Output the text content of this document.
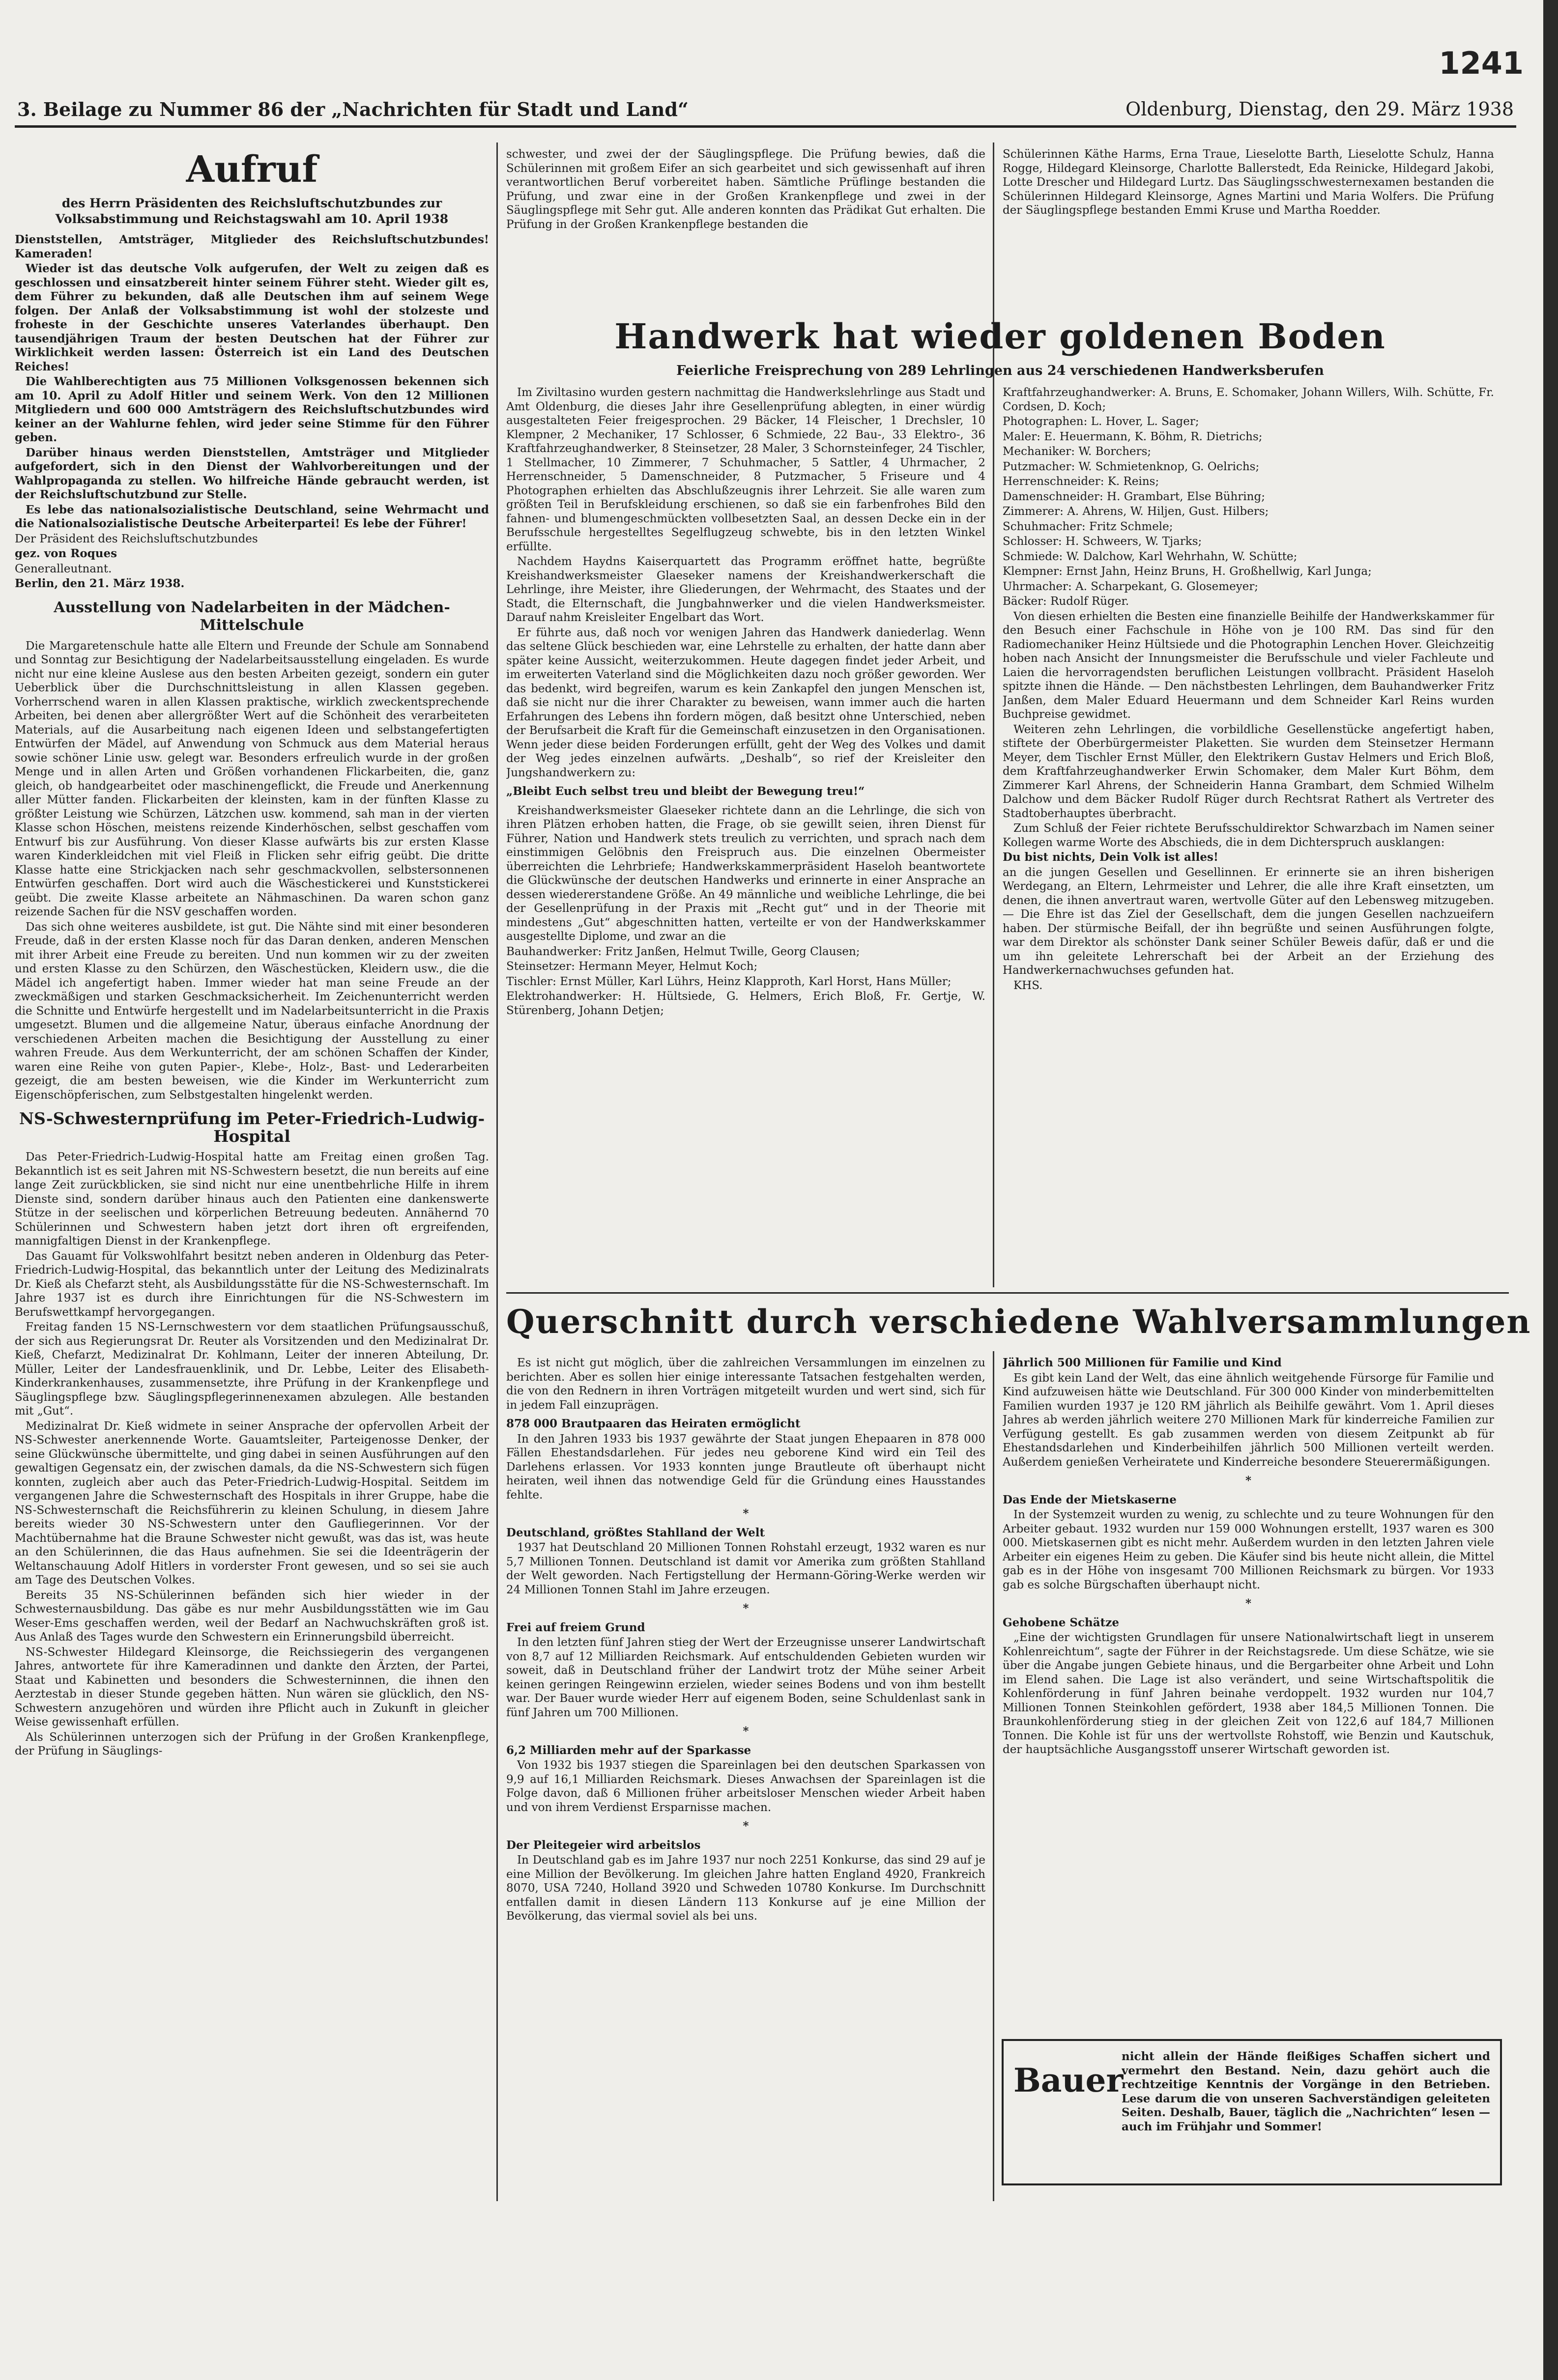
1241
3. Beilage zu Nummer 86 der „Nachrichten für Stadt und Land“	Oldenburg, Dienstag, den 29. März 1938
Aufruf
des Herrn Präsidenten des Reichsluftschutzbundes zur Volksabstimmung und Reichstagswahl am 10. April 1938

Dienststellen, Amtsträger, Mitglieder des Reichsluftschutzbundes! Kameraden!

Wieder ist das deutsche Volk aufgerufen, der Welt zu zeigen daß es geschlossen und einsatzbereit hinter seinem Führer steht. Wieder gilt es, dem Führer zu bekunden, daß alle Deutschen ihm auf seinem Wege folgen. Der Anlaß der Volksabstimmung ist wohl der stolzeste und froheste in der Geschichte unseres Vaterlandes überhaupt. Den tausendjährigen Traum der besten Deutschen hat der Führer zur Wirklichkeit werden lassen: Österreich ist ein Land des Deutschen Reiches!

Die Wahlberechtigten aus 75 Millionen Volksgenossen bekennen sich am 10. April zu Adolf Hitler und seinem Werk. Von den 12 Millionen Mitgliedern und 600 000 Amtsträgern des Reichsluftschutzbundes wird keiner an der Wahlurne fehlen, wird jeder seine Stimme für den Führer geben.

Darüber hinaus werden Dienststellen, Amtsträger und Mitglieder aufgefordert, sich in den Dienst der Wahlvorbereitungen und der Wahlpropaganda zu stellen. Wo hilfreiche Hände gebraucht werden, ist der Reichsluftschutzbund zur Stelle.

Es lebe das nationalsozialistische Deutschland, seine Wehrmacht und die Nationalsozialistische Deutsche Arbeiterpartei! Es lebe der Führer!

Der Präsident des Reichsluftschutzbundes

gez. von Roques

Generalleutnant.

Berlin, den 21. März 1938.

Ausstellung von Nadelarbeiten in der Mädchen-Mittelschule

Die Margaretenschule hatte alle Eltern und Freunde der Schule am Sonnabend und Sonntag zur Besichtigung der Nadelarbeitsausstellung eingeladen. Es wurde nicht nur eine kleine Auslese aus den besten Arbeiten gezeigt, sondern ein guter Ueberblick über die Durchschnittsleistung in allen Klassen gegeben. Vorherrschend waren in allen Klassen praktische, wirklich zweckentsprechende Arbeiten, bei denen aber allergrößter Wert auf die Schönheit des verarbeiteten Materials, auf die Ausarbeitung nach eigenen Ideen und selbstangefertigten Entwürfen der Mädel, auf Anwendung von Schmuck aus dem Material heraus sowie schöner Linie usw. gelegt war. Besonders erfreulich wurde in der großen Menge und in allen Arten und Größen vorhandenen Flickarbeiten, die, ganz gleich, ob handgearbeitet oder maschinengeflickt, die Freude und Anerkennung aller Mütter fanden. Flickarbeiten der kleinsten, kam in der fünften Klasse zu größter Leistung wie Schürzen, Lätzchen usw. kommend, sah man in der vierten Klasse schon Höschen, meistens reizende Kinderhöschen, selbst geschaffen vom Entwurf bis zur Ausführung. Von dieser Klasse aufwärts bis zur ersten Klasse waren Kinderkleidchen mit viel Fleiß in Flicken sehr eifrig geübt. Die dritte Klasse hatte eine Strickjacken nach sehr geschmackvollen, selbstersonnenen Entwürfen geschaffen. Dort wird auch die Wäschestickerei und Kunststickerei geübt. Die zweite Klasse arbeitete an Nähmaschinen. Da waren schon ganz reizende Sachen für die NSV geschaffen worden.

Das sich ohne weiteres ausbildete, ist gut. Die Nähte sind mit einer besonderen Freude, daß in der ersten Klasse noch für das Daran denken, anderen Menschen mit ihrer Arbeit eine Freude zu bereiten. Und nun kommen wir zu der zweiten und ersten Klasse zu den Schürzen, den Wäschestücken, Kleidern usw., die die Mädel ich angefertigt haben. Immer wieder hat man seine Freude an der zweckmäßigen und starken Geschmacksicherheit. Im Zeichenunterricht werden die Schnitte und Entwürfe hergestellt und im Nadelarbeitsunterricht in die Praxis umgesetzt. Blumen und die allgemeine Natur, überaus einfache Anordnung der verschiedenen Arbeiten machen die Besichtigung der Ausstellung zu einer wahren Freude. Aus dem Werkunterricht, der am schönen Schaffen der Kinder, waren eine Reihe von guten Papier-, Klebe-, Holz-, Bast- und Lederarbeiten gezeigt, die am besten beweisen, wie die Kinder im Werkunterricht zum Eigenschöpferischen, zum Selbstgestalten hingelenkt werden.

NS-Schwesternprüfung im Peter-Friedrich-Ludwig-Hospital

Das Peter-Friedrich-Ludwig-Hospital hatte am Freitag einen großen Tag. Bekanntlich ist es seit Jahren mit NS-Schwestern besetzt, die nun bereits auf eine lange Zeit zurückblicken, sie sind nicht nur eine unentbehrliche Hilfe in ihrem Dienste sind, sondern darüber hinaus auch den Patienten eine dankenswerte Stütze in der seelischen und körperlichen Betreuung bedeuten. Annähernd 70 Schülerinnen und Schwestern haben jetzt dort ihren oft ergreifenden, mannigfaltigen Dienst in der Krankenpflege.

Das Gauamt für Volkswohlfahrt besitzt neben anderen in Oldenburg das Peter-Friedrich-Ludwig-Hospital, das bekanntlich unter der Leitung des Medizinalrats Dr. Kieß als Chefarzt steht, als Ausbildungsstätte für die NS-Schwesternschaft. Im Jahre 1937 ist es durch ihre Einrichtungen für die NS-Schwestern im Berufswettkampf hervorgegangen.

Freitag fanden 15 NS-Lernschwestern vor dem staatlichen Prüfungsausschuß, der sich aus Regierungsrat Dr. Reuter als Vorsitzenden und den Medizinalrat Dr. Kieß, Chefarzt, Medizinalrat Dr. Kohlmann, Leiter der inneren Abteilung, Dr. Müller, Leiter der Landesfrauenklinik, und Dr. Lebbe, Leiter des Elisabeth-Kinderkrankenhauses, zusammensetzte, ihre Prüfung in der Krankenpflege und Säuglingspflege bzw. Säuglingspflegerinnenexamen abzulegen. Alle bestanden mit „Gut“.

Medizinalrat Dr. Kieß widmete in seiner Ansprache der opfervollen Arbeit der NS-Schwester anerkennende Worte. Gauamtsleiter, Parteigenosse Denker, der seine Glückwünsche übermittelte, und ging dabei in seinen Ausführungen auf den gewaltigen Gegensatz ein, der zwischen damals, da die NS-Schwestern sich fügen konnten, zugleich aber auch das Peter-Friedrich-Ludwig-Hospital. Seitdem im vergangenen Jahre die Schwesternschaft des Hospitals in ihrer Gruppe, habe die NS-Schwesternschaft die Reichsführerin zu kleinen Schulung, in diesem Jahre bereits wieder 30 NS-Schwestern unter den Gaufliegerinnen. Vor der Machtübernahme hat die Braune Schwester nicht gewußt, was das ist, was heute an den Schülerinnen, die das Haus aufnehmen. Sie sei die Ideenträgerin der Weltanschauung Adolf Hitlers in vorderster Front gewesen, und so sei sie auch am Tage des Deutschen Volkes.

Bereits 35 NS-Schülerinnen befänden sich hier wieder in der Schwesternausbildung. Das gäbe es nur mehr Ausbildungsstätten wie im Gau Weser-Ems geschaffen werden, weil der Bedarf an Nachwuchskräften groß ist. Aus Anlaß des Tages wurde den Schwestern ein Erinnerungsbild überreicht.

NS-Schwester Hildegard Kleinsorge, die Reichssiegerin des vergangenen Jahres, antwortete für ihre Kameradinnen und dankte den Ärzten, der Partei, Staat und Kabinetten und besonders die Schwesterninnen, die ihnen den Aerztestab in dieser Stunde gegeben hätten. Nun wären sie glücklich, den NS-Schwestern anzugehören und würden ihre Pflicht auch in Zukunft in gleicher Weise gewissenhaft erfüllen.

Als Schülerinnen unterzogen sich der Prüfung in der Großen Krankenpflege, der Prüfung in Säuglings-

schwester, und zwei der der Säuglingspflege. Die Prüfung bewies, daß die Schülerinnen mit großem Eifer an sich gearbeitet und sich gewissenhaft auf ihren verantwortlichen Beruf vorbereitet haben. Sämtliche Prüflinge bestanden die Prüfung, und zwar eine in der Großen Krankenpflege und zwei in der Säuglingspflege mit Sehr gut. Alle anderen konnten das Prädikat Gut erhalten. Die Prüfung in der Großen Krankenpflege bestanden die

Schülerinnen Käthe Harms, Erna Traue, Lieselotte Barth, Lieselotte Schulz, Hanna Rogge, Hildegard Kleinsorge, Charlotte Ballerstedt, Eda Reinicke, Hildegard Jakobi, Lotte Drescher und Hildegard Lurtz. Das Säuglingsschwesternexamen bestanden die Schülerinnen Hildegard Kleinsorge, Agnes Martini und Maria Wolfers. Die Prüfung der Säuglingspflege bestanden Emmi Kruse und Martha Roedder.

Handwerk hat wieder goldenen Boden
Feierliche Freisprechung von 289 Lehrlingen aus 24 verschiedenen Handwerksberufen

Im Ziviltasino wurden gestern nachmittag die Handwerkslehrlinge aus Stadt und Amt Oldenburg, die dieses Jahr ihre Gesellenprüfung ablegten, in einer würdig ausgestalteten Feier freigesprochen. 29 Bäcker, 14 Fleischer, 1 Drechsler, 10 Klempner, 2 Mechaniker, 17 Schlosser, 6 Schmiede, 22 Bau-, 33 Elektro-, 36 Kraftfahrzeughandwerker, 8 Steinsetzer, 28 Maler, 3 Schornsteinfeger, 24 Tischler, 1 Stellmacher, 10 Zimmerer, 7 Schuhmacher, 5 Sattler, 4 Uhrmacher, 2 Herrenschneider, 5 Damenschneider, 8 Putzmacher, 5 Friseure und 4 Photographen erhielten das Abschlußzeugnis ihrer Lehrzeit. Sie alle waren zum größten Teil in Berufskleidung erschienen, so daß sie ein farbenfrohes Bild den fahnen- und blumengeschmückten vollbesetzten Saal, an dessen Decke ein in der Berufsschule hergestelltes Segelflugzeug schwebte, bis in den letzten Winkel erfüllte.

Nachdem Haydns Kaiserquartett das Programm eröffnet hatte, begrüßte Kreishandwerksmeister Glaeseker namens der Kreishandwerkerschaft die Lehrlinge, ihre Meister, ihre Gliederungen, der Wehrmacht, des Staates und der Stadt, die Elternschaft, die Jungbahnwerker und die vielen Handwerksmeister. Darauf nahm Kreisleiter Engelbart das Wort.

Er führte aus, daß noch vor wenigen Jahren das Handwerk daniederlag. Wenn das seltene Glück beschieden war, eine Lehrstelle zu erhalten, der hatte dann aber später keine Aussicht, weiterzukommen. Heute dagegen findet jeder Arbeit, und im erweiterten Vaterland sind die Möglichkeiten dazu noch größer geworden. Wer das bedenkt, wird begreifen, warum es kein Zankapfel den jungen Menschen ist, daß sie nicht nur die ihrer Charakter zu beweisen, wann immer auch die harten Erfahrungen des Lebens ihn fordern mögen, daß besitzt ohne Unterschied, neben der Berufsarbeit die Kraft für die Gemeinschaft einzusetzen in den Organisationen. Wenn jeder diese beiden Forderungen erfüllt, geht der Weg des Volkes und damit der Weg jedes einzelnen aufwärts. „Deshalb“, so rief der Kreisleiter den Jungshandwerkern zu:

„Bleibt Euch selbst treu und bleibt der Bewegung treu!“

Kreishandwerksmeister Glaeseker richtete dann an die Lehrlinge, die sich von ihren Plätzen erhoben hatten, die Frage, ob sie gewillt seien, ihren Dienst für Führer, Nation und Handwerk stets treulich zu verrichten, und sprach nach dem einstimmigen Gelöbnis den Freispruch aus. Die einzelnen Obermeister überreichten die Lehrbriefe; Handwerkskammerpräsident Haseloh beantwortete die Glückwünsche der deutschen Handwerks und erinnerte in einer Ansprache an dessen wiedererstandene Größe. An 49 männliche und weibliche Lehrlinge, die bei der Gesellenprüfung in der Praxis mit „Recht gut“ und in der Theorie mit mindestens „Gut“ abgeschnitten hatten, verteilte er von der Handwerkskammer ausgestellte Diplome, und zwar an die

Bauhandwerker: Fritz Janßen, Helmut Twille, Georg Clausen;

Steinsetzer: Hermann Meyer, Helmut Koch;

Tischler: Ernst Müller, Karl Lührs, Heinz Klapproth, Karl Horst, Hans Müller;

Elektrohandwerker: H. Hültsiede, G. Helmers, Erich Bloß, Fr. Gertje, W. Stürenberg, Johann Detjen;

Kraftfahrzeughandwerker: A. Bruns, E. Schomaker, Johann Willers, Wilh. Schütte, Fr. Cordsen, D. Koch;

Photographen: L. Hover, L. Sager;

Maler: E. Heuermann, K. Böhm, R. Dietrichs;

Mechaniker: W. Borchers;

Putzmacher: W. Schmietenknop, G. Oelrichs;

Herrenschneider: K. Reins;

Damenschneider: H. Grambart, Else Bühring;

Zimmerer: A. Ahrens, W. Hiljen, Gust. Hilbers;

Schuhmacher: Fritz Schmele;

Schlosser: H. Schweers, W. Tjarks;

Schmiede: W. Dalchow, Karl Wehrhahn, W. Schütte;

Klempner: Ernst Jahn, Heinz Bruns, H. Großhellwig, Karl Junga;

Uhrmacher: A. Scharpekant, G. Glosemeyer;

Bäcker: Rudolf Rüger.

Von diesen erhielten die Besten eine finanzielle Beihilfe der Handwerkskammer für den Besuch einer Fachschule in Höhe von je 100 RM. Das sind für den Radiomechaniker Heinz Hültsiede und die Photographin Lenchen Hover. Gleichzeitig hoben nach Ansicht der Innungsmeister die Berufsschule und vieler Fachleute und Laien die hervorragendsten beruflichen Leistungen vollbracht. Präsident Haseloh spitzte ihnen die Hände. — Den nächstbesten Lehrlingen, dem Bauhandwerker Fritz Janßen, dem Maler Eduard Heuermann und dem Schneider Karl Reins wurden Buchpreise gewidmet.

Weiteren zehn Lehrlingen, die vorbildliche Gesellenstücke angefertigt haben, stiftete der Oberbürgermeister Plaketten. Sie wurden dem Steinsetzer Hermann Meyer, dem Tischler Ernst Müller, den Elektrikern Gustav Helmers und Erich Bloß, dem Kraftfahrzeughandwerker Erwin Schomaker, dem Maler Kurt Böhm, dem Zimmerer Karl Ahrens, der Schneiderin Hanna Grambart, dem Schmied Wilhelm Dalchow und dem Bäcker Rudolf Rüger durch Rechtsrat Rathert als Vertreter des Stadtoberhauptes überbracht.

Zum Schluß der Feier richtete Berufsschuldirektor Schwarzbach im Namen seiner Kollegen warme Worte des Abschieds, die in dem Dichterspruch ausklangen:

Du bist nichts, Dein Volk ist alles!

an die jungen Gesellen und Gesellinnen. Er erinnerte sie an ihren bisherigen Werdegang, an Eltern, Lehrmeister und Lehrer, die alle ihre Kraft einsetzten, um denen, die ihnen anvertraut waren, wertvolle Güter auf den Lebensweg mitzugeben. — Die Ehre ist das Ziel der Gesellschaft, dem die jungen Gesellen nachzueifern haben. Der stürmische Beifall, der ihn begrüßte und seinen Ausführungen folgte, war dem Direktor als schönster Dank seiner Schüler Beweis dafür, daß er und die um ihn geleitete Lehrerschaft bei der Arbeit an der Erziehung des Handwerkernachwuchses gefunden hat.

KHS.

Querschnitt durch verschiedene Wahlversammlungen

Es ist nicht gut möglich, über die zahlreichen Versammlungen im einzelnen zu berichten. Aber es sollen hier einige interessante Tatsachen festgehalten werden, die von den Rednern in ihren Vorträgen mitgeteilt wurden und wert sind, sich für in jedem Fall einzuprägen.

878 000 Brautpaaren das Heiraten ermöglicht

In den Jahren 1933 bis 1937 gewährte der Staat jungen Ehepaaren in 878 000 Fällen Ehestandsdarlehen. Für jedes neu geborene Kind wird ein Teil des Darlehens erlassen. Vor 1933 konnten junge Brautleute oft überhaupt nicht heiraten, weil ihnen das notwendige Geld für die Gründung eines Hausstandes fehlte.

*

Deutschland, größtes Stahlland der Welt

1937 hat Deutschland 20 Millionen Tonnen Rohstahl erzeugt, 1932 waren es nur 5,7 Millionen Tonnen. Deutschland ist damit vor Amerika zum größten Stahlland der Welt geworden. Nach Fertigstellung der Hermann-Göring-Werke werden wir 24 Millionen Tonnen Stahl im Jahre erzeugen.

*

Frei auf freiem Grund

In den letzten fünf Jahren stieg der Wert der Erzeugnisse unserer Landwirtschaft von 8,7 auf 12 Milliarden Reichsmark. Auf entschuldenden Gebieten wurden wir soweit, daß in Deutschland früher der Landwirt trotz der Mühe seiner Arbeit keinen geringen Reingewinn erzielen, wieder seines Bodens und von ihm bestellt war. Der Bauer wurde wieder Herr auf eigenem Boden, seine Schuldenlast sank in fünf Jahren um 700 Millionen.

*

6,2 Milliarden mehr auf der Sparkasse

Von 1932 bis 1937 stiegen die Spareinlagen bei den deutschen Sparkassen von 9,9 auf 16,1 Milliarden Reichsmark. Dieses Anwachsen der Spareinlagen ist die Folge davon, daß 6 Millionen früher arbeitsloser Menschen wieder Arbeit haben und von ihrem Verdienst Ersparnisse machen.

*

Der Pleitegeier wird arbeitslos

In Deutschland gab es im Jahre 1937 nur noch 2251 Konkurse, das sind 29 auf je eine Million der Bevölkerung. Im gleichen Jahre hatten England 4920, Frankreich 8070, USA 7240, Holland 3920 und Schweden 10780 Konkurse. Im Durchschnitt entfallen damit in diesen Ländern 113 Konkurse auf je eine Million der Bevölkerung, das viermal soviel als bei uns.

Jährlich 500 Millionen für Familie und Kind

Es gibt kein Land der Welt, das eine ähnlich weitgehende Fürsorge für Familie und Kind aufzuweisen hätte wie Deutschland. Für 300 000 Kinder von minderbemittelten Familien wurden 1937 je 120 RM jährlich als Beihilfe gewährt. Vom 1. April dieses Jahres ab werden jährlich weitere 270 Millionen Mark für kinderreiche Familien zur Verfügung gestellt. Es gab zusammen werden von diesem Zeitpunkt ab für Ehestandsdarlehen und Kinderbeihilfen jährlich 500 Millionen verteilt werden. Außerdem genießen Verheiratete und Kinderreiche besondere Steuerermäßigungen.

*

Das Ende der Mietskaserne

In der Systemzeit wurden zu wenig, zu schlechte und zu teure Wohnungen für den Arbeiter gebaut. 1932 wurden nur 159 000 Wohnungen erstellt, 1937 waren es 300 000. Mietskasernen gibt es nicht mehr. Außerdem wurden in den letzten Jahren viele Arbeiter ein eigenes Heim zu geben. Die Käufer sind bis heute nicht allein, die Mittel gab es in der Höhe von insgesamt 700 Millionen Reichsmark zu bürgen. Vor 1933 gab es solche Bürgschaften überhaupt nicht.

*

Gehobene Schätze

„Eine der wichtigsten Grundlagen für unsere Nationalwirtschaft liegt in unserem Kohlenreichtum“, sagte der Führer in der Reichstagsrede. Um diese Schätze, wie sie über die Angabe jungen Gebiete hinaus, und die Bergarbeiter ohne Arbeit und Lohn im Elend sahen. Die Lage ist also verändert, und seine Wirtschaftspolitik die Kohlenförderung in fünf Jahren beinahe verdoppelt. 1932 wurden nur 104,7 Millionen Tonnen Steinkohlen gefördert, 1938 aber 184,5 Millionen Tonnen. Die Braunkohlenförderung stieg in der gleichen Zeit von 122,6 auf 184,7 Millionen Tonnen. Die Kohle ist für uns der wertvollste Rohstoff, wie Benzin und Kautschuk, der hauptsächliche Ausgangsstoff unserer Wirtschaft geworden ist.

Bauer

nicht allein der Hände fleißiges Schaffen sichert und vermehrt den Bestand. Nein, dazu gehört auch die rechtzeitige Kenntnis der Vorgänge in den Betrieben. Lese darum die von unseren Sachverständigen geleiteten Seiten. Deshalb, Bauer, täglich die „Nachrichten“ lesen — auch im Frühjahr und Sommer!
